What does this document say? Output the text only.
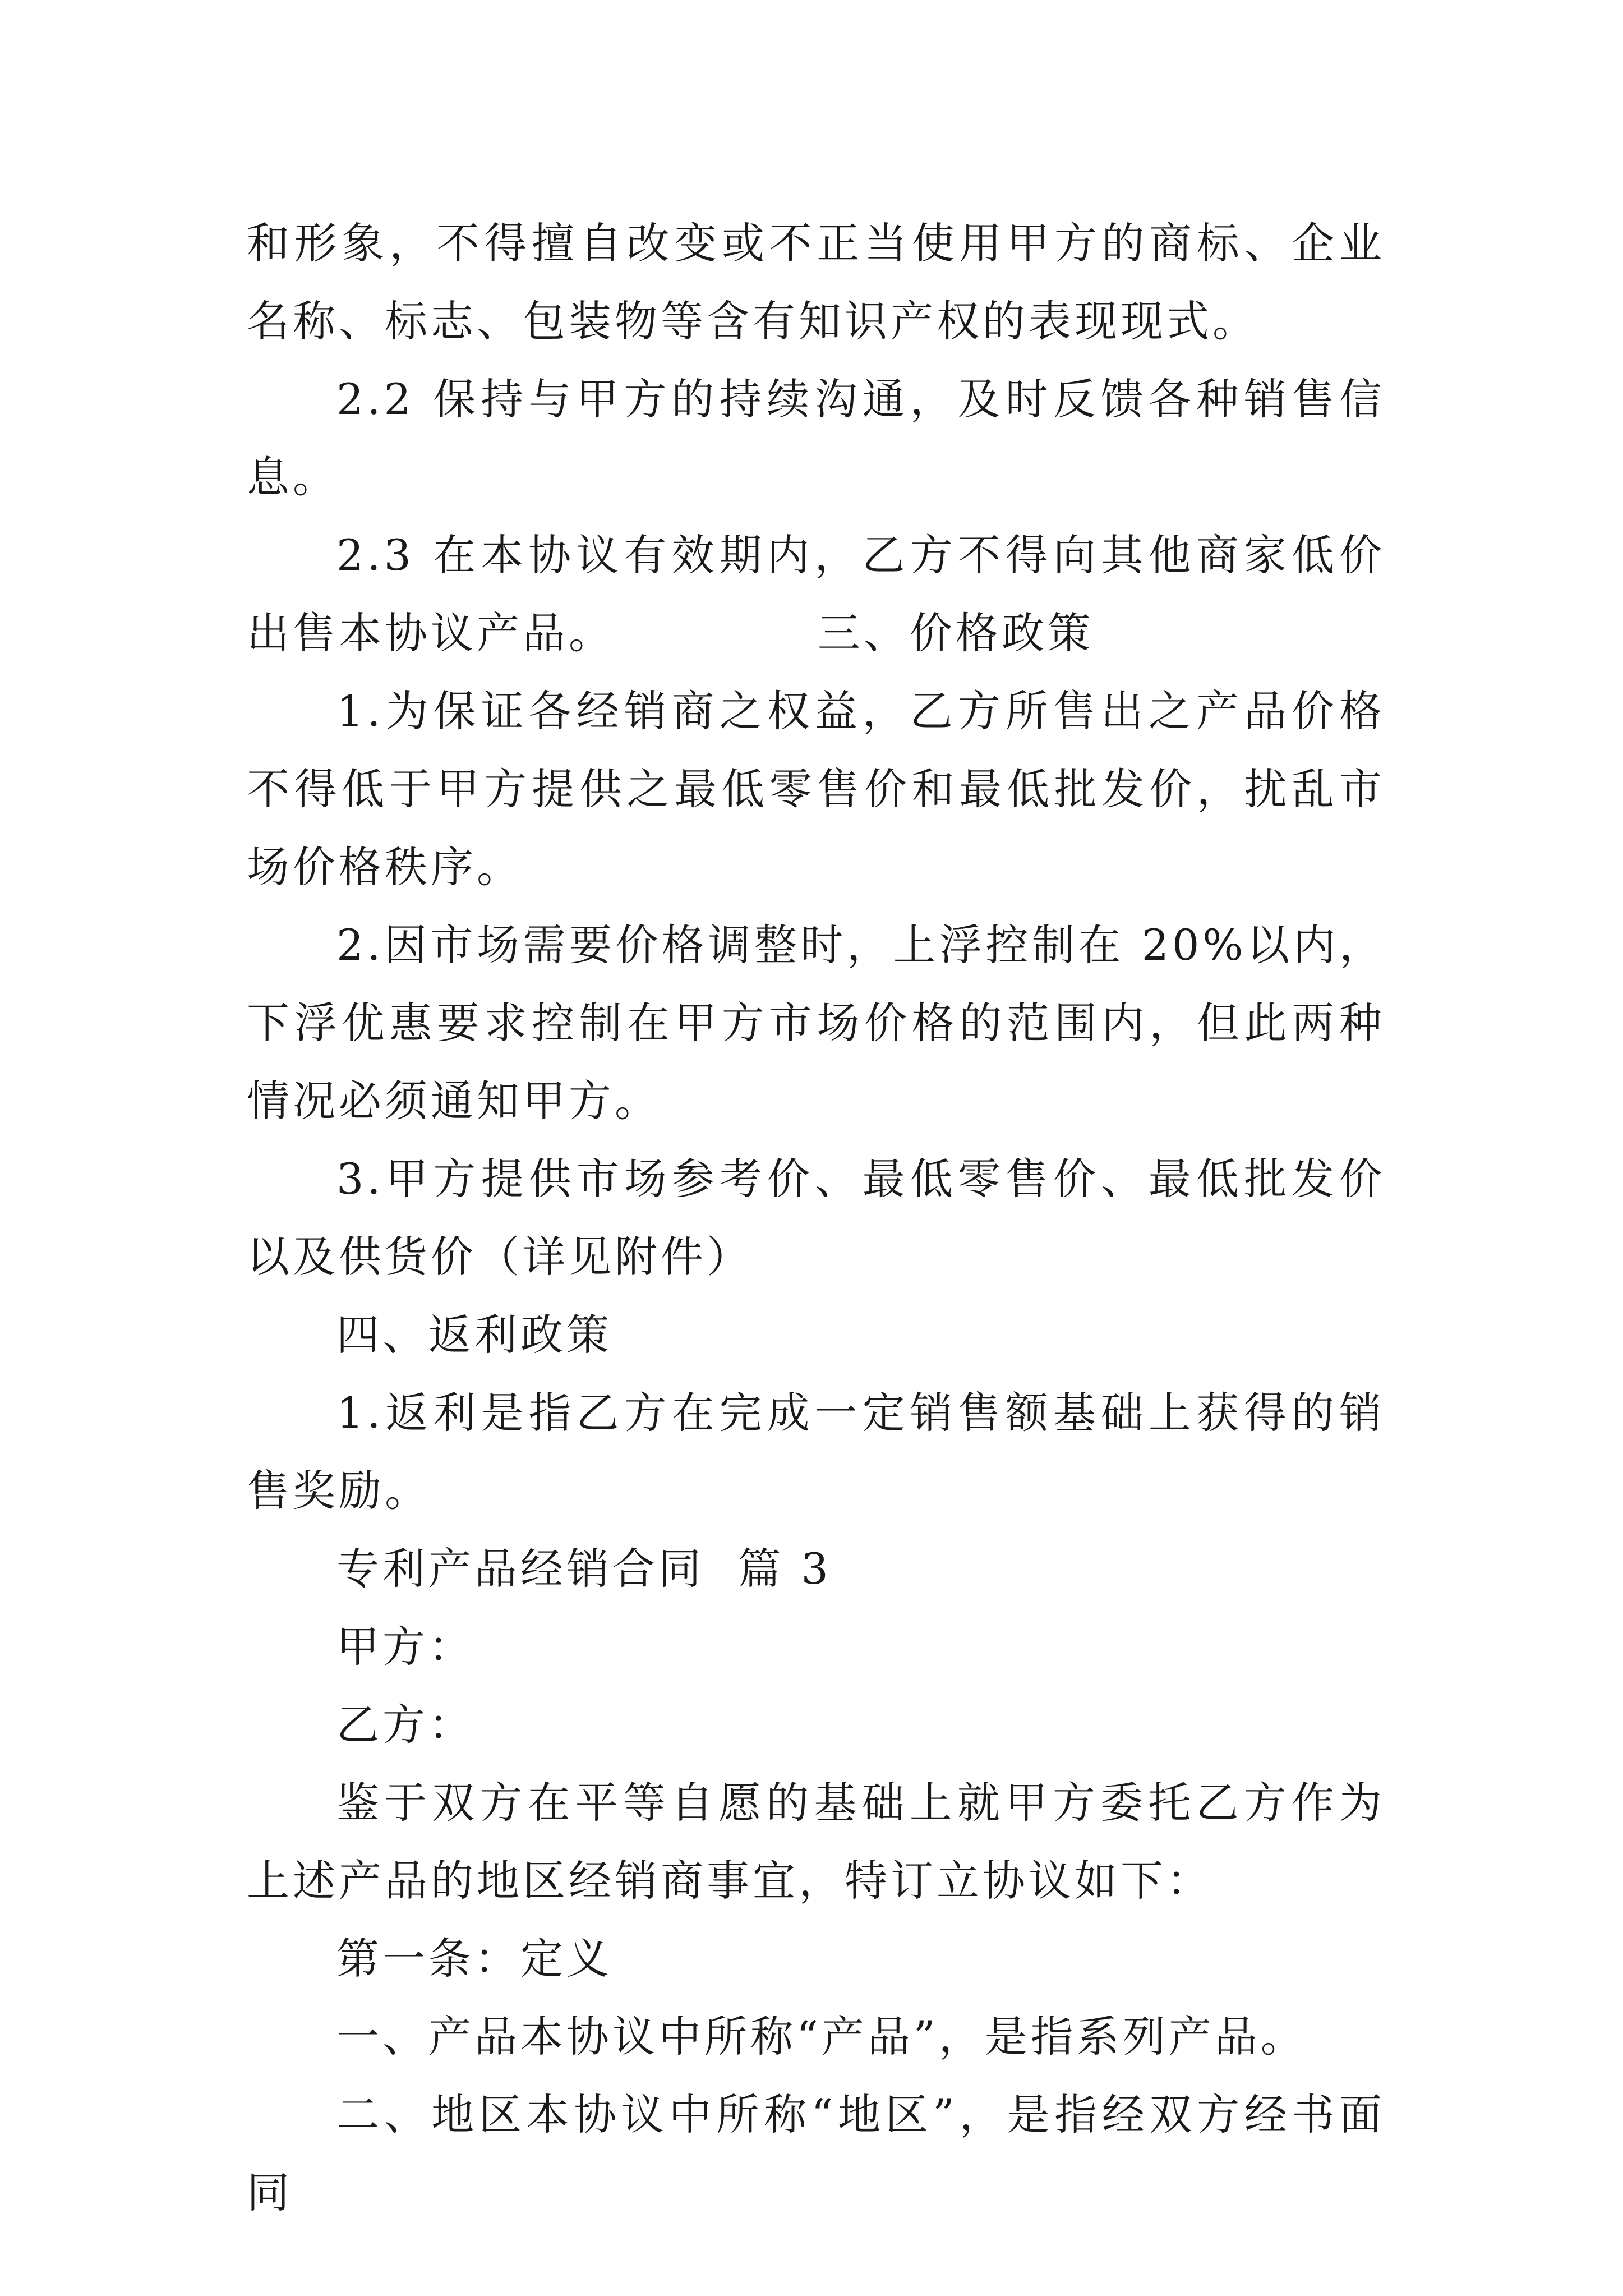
和形象，不得擅自改变或不正当使用甲方的商标、企业名称、标志、包装物等含有知识产权的表现现式。

2.2 保持与甲方的持续沟通，及时反馈各种销售信息。

2.3 在本协议有效期内，乙方不得向其他商家低价出售本协议产品。            三、价格政策

1.为保证各经销商之权益，乙方所售出之产品价格不得低于甲方提供之最低零售价和最低批发价，扰乱市场价格秩序。

2.因市场需要价格调整时，上浮控制在 20%以内，下浮优惠要求控制在甲方市场价格的范围内，但此两种情况必须通知甲方。

3.甲方提供市场参考价、最低零售价、最低批发价以及供货价（详见附件）

四、返利政策

1.返利是指乙方在完成一定销售额基础上获得的销售奖励。

专利产品经销合同  篇 3

甲方：

乙方：

鉴于双方在平等自愿的基础上就甲方委托乙方作为上述产品的地区经销商事宜，特订立协议如下：

第一条：定义

一、产品本协议中所称“产品”，是指系列产品。

二、地区本协议中所称“地区”，是指经双方经书面同
